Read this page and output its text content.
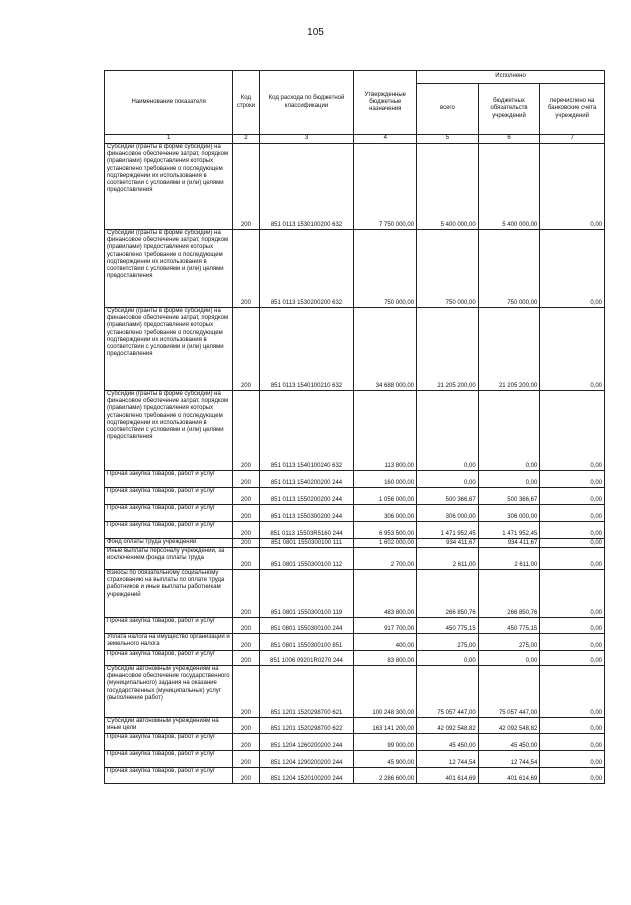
105
Наименование показателя	Код строки	Код расхода по бюджетной классификации	Утвержденные бюджетные назначения	Исполнено		
				всего	бюджетных обязательств учреждений	перечислено на банковские счета учреждений
1	2	3	4	5	6	7
Субсидии (гранты в форме субсидий) на финансовое обеспечение затрат, порядком (правилами) предоставления которых установлено требование о последующем подтверждении их использования в соответствии с условиями и (или) целями предоставления	200	851 0113 1530100200 632	7 750 000,00	5 400 000,00	5 400 000,00	0,00
Субсидии (гранты в форме субсидий) на финансовое обеспечение затрат, порядком (правилами) предоставления которых установлено требование о последующем подтверждении их использования в соответствии с условиями и (или) целями предоставления	200	851 0113 1530200200 632	750 000,00	750 000,00	750 000,00	0,00
Субсидии (гранты в форме субсидий) на финансовое обеспечение затрат, порядком (правилами) предоставления которых установлено требование о последующем подтверждении их использования в соответствии с условиями и (или) целями предоставления	200	851 0113 1540100210 632	34 688 000,00	21 205 200,00	21 205 200,00	0,00
Субсидии (гранты в форме субсидий) на финансовое обеспечение затрат, порядком (правилами) предоставления которых установлено требование о последующем подтверждении их использования в соответствии с условиями и (или) целями предоставления	200	851 0113 1540100240 632	113 800,00	0,00	0,00	0,00
Прочая закупка товаров, работ и услуг	200	851 0113 1540200200 244	160 000,00	0,00	0,00	0,00
Прочая закупка товаров, работ и услуг	200	851 0113 1550200200 244	1 056 000,00	500 366,67	500 366,67	0,00
Прочая закупка товаров, работ и услуг	200	851 0113 1550300200 244	306 000,00	306 000,00	306 000,00	0,00
Прочая закупка товаров, работ и услуг	200	851 0113 15503R5160 244	6 953 500,00	1 471 952,45	1 471 952,45	0,00
Фонд оплаты труда учреждений	200	851 0801 1550300100 111	1 602 000,00	934 411,67	934 411,67	0,00
Иные выплаты персоналу учреждений, за исключением фонда оплаты труда	200	851 0801 1550300100 112	2 700,00	2 611,00	2 611,00	0,00
Взносы по обязательному социальному страхованию на выплаты по оплате труда работников и иные выплаты работникам учреждений	200	851 0801 1550300100 119	483 800,00	266 850,76	266 850,76	0,00
Прочая закупка товаров, работ и услуг	200	851 0801 1550300100 244	917 700,00	450 775,15	450 775,15	0,00
Уплата налога на имущество организаций и земельного налога	200	851 0801 1550300100 851	400,00	275,00	275,00	0,00
Прочая закупка товаров, работ и услуг	200	851 1006 09201R0270 244	83 800,00	0,00	0,00	0,00
Субсидии автономным учреждениям на финансовое обеспечение государственного (муниципального) задания на оказание государственных (муниципальных) услуг (выполнение работ)	200	851 1201 1520298700 621	100 248 300,00	75 057 447,00	75 057 447,00	0,00
Субсидии автономным учреждениям на иные цели	200	851 1201 1520298700 622	163 141 200,00	42 092 548,82	42 092 548,82	0,00
Прочая закупка товаров, работ и услуг	200	851 1204 1260200200 244	99 000,00	45 450,00	45 450,00	0,00
Прочая закупка товаров, работ и услуг	200	851 1204 1290200200 244	45 900,00	12 744,54	12 744,54	0,00
Прочая закупка товаров, работ и услуг	200	851 1204 1520100200 244	2 286 600,00	401 614,69	401 614,69	0,00
